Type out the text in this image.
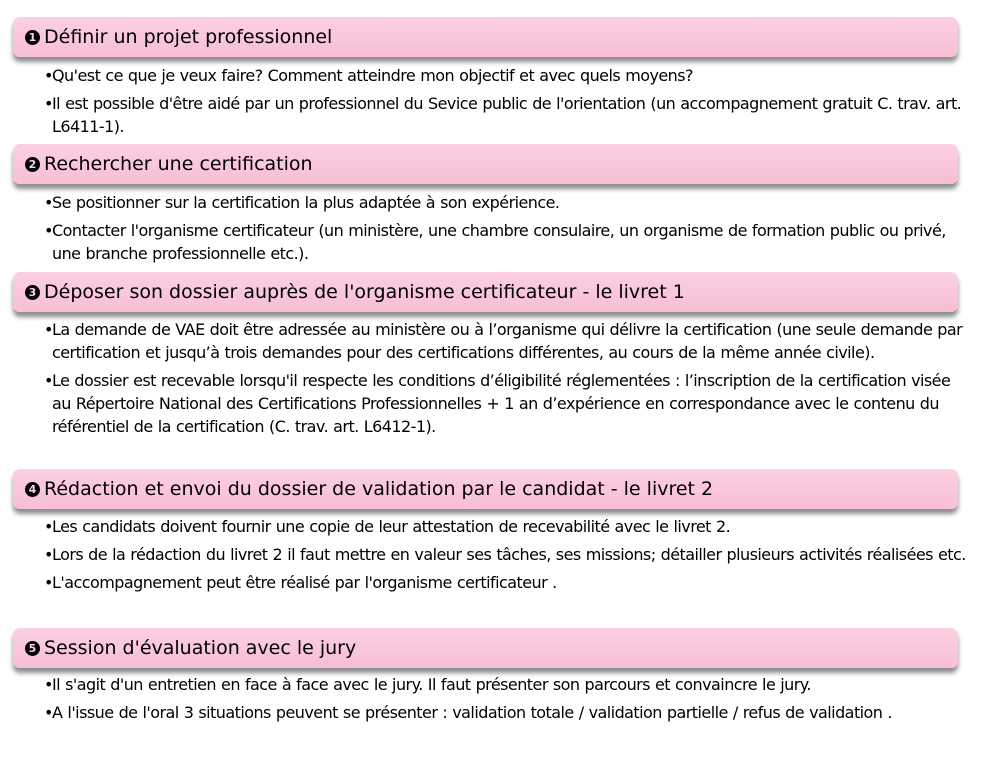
1 Définir un projet professionnel
• Qu'est ce que je veux faire? Comment atteindre mon objectif et avec quels moyens?
• Il est possible d'être aidé par un professionnel du Sevice public de l'orientation (un accompagnement gratuit C. trav. art. L6411-1).
2 Rechercher une certification
• Se positionner sur la certification la plus adaptée à son expérience.
• Contacter l'organisme certificateur (un ministère, une chambre consulaire, un organisme de formation public ou privé, une branche professionnelle etc.).
3 Déposer son dossier auprès de l'organisme certificateur - le livret 1
• La demande de VAE doit être adressée au ministère ou à l’organisme qui délivre la certification (une seule demande par certification et jusqu’à trois demandes pour des certifications différentes, au cours de la même année civile).
• Le dossier est recevable lorsqu'il respecte les conditions d’éligibilité réglementées : l’inscription de la certification visée au Répertoire National des Certifications Professionnelles + 1 an d’expérience en correspondance avec le contenu du référentiel de la certification (C. trav. art. L6412-1).
4 Rédaction et envoi du dossier de validation par le candidat - le livret 2
• Les candidats doivent fournir une copie de leur attestation de recevabilité avec le livret 2.
• Lors de la rédaction du livret 2 il faut mettre en valeur ses tâches, ses missions; détailler plusieurs activités réalisées etc.
• L'accompagnement peut être réalisé par l'organisme certificateur .
5 Session d'évaluation avec le jury
• Il s'agit d'un entretien en face à face avec le jury. Il faut présenter son parcours et convaincre le jury.
• A l'issue de l'oral 3 situations peuvent se présenter : validation totale / validation partielle / refus de validation .
